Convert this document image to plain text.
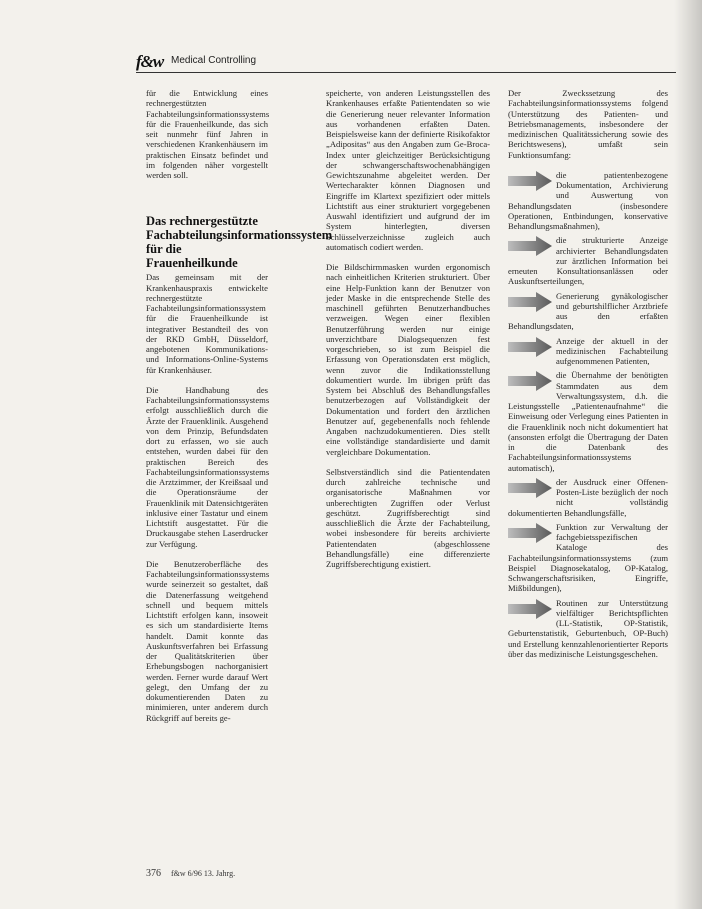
f&w Medical Controlling

für die Entwicklung eines rechnergestützten Fachabteilungsinformationssystems für die Frauenheilkunde, das sich seit nunmehr fünf Jahren in verschiedenen Krankenhäusern im praktischen Einsatz befindet und im folgenden näher vorgestellt werden soll.

Das rechnergestützte Fachabteilungsinformationssystem für die Frauenheilkunde

Das gemeinsam mit der Krankenhauspraxis entwickelte rechnergestützte Fachabteilungsinformationssystem für die Frauenheilkunde ist integrativer Bestandteil des von der RKD GmbH, Düsseldorf, angebotenen Kommunikations- und Informations-Online-Systems für Krankenhäuser.

Die Handhabung des Fachabteilungsinformationssystems erfolgt ausschließlich durch die Ärzte der Frauenklinik. Ausgehend von dem Prinzip, Befundsdaten dort zu erfassen, wo sie auch entstehen, wurden dabei für den praktischen Bereich des Fachabteilungsinformationssystems die Arztzimmer, der Kreißsaal und die Operationsräume der Frauenklinik mit Datensichtgeräten inklusive einer Tastatur und einem Lichtstift ausgestattet. Für die Druckausgabe stehen Laserdrucker zur Verfügung.

Die Benutzeroberfläche des Fachabteilungsinformationssystems wurde seinerzeit so gestaltet, daß die Datenerfassung weitgehend schnell und bequem mittels Lichtstift erfolgen kann, insoweit es sich um standardisierte Items handelt. Damit konnte das Auskunftsverfahren bei Erfassung der Qualitätskriterien über Erhebungsbogen nachorganisiert werden. Ferner wurde darauf Wert gelegt, den Umfang der zu dokumentierenden Daten zu minimieren, unter anderem durch Rückgriff auf bereits ge-

speicherte, von anderen Leistungsstellen des Krankenhauses erfaßte Patientendaten so wie die Generierung neuer relevanter Information aus vorhandenen erfaßten Daten. Beispielsweise kann der definierte Risikofaktor „Adipositas“ aus den Angaben zum Ge-Broca-Index unter gleichzeitiger Berücksichtigung der schwangerschaftswochenabhängigen Gewichtszunahme abgeleitet werden. Der Wertecharakter können Diagnosen und Eingriffe im Klartext spezifiziert oder mittels Lichtstift aus einer strukturiert vorgegebenen Auswahl identifiziert und aufgrund der im System hinterlegten, diversen Schlüsselverzeichnisse zugleich auch automatisch codiert werden.

Die Bildschirmmasken wurden ergonomisch nach einheitlichen Kriterien strukturiert. Über eine Help-Funktion kann der Benutzer von jeder Maske in die entsprechende Stelle des maschinell geführten Benutzerhandbuches verzweigen. Wegen einer flexiblen Benutzerführung werden nur einige unverzichtbare Dialogsequenzen fest vorgeschrieben, so ist zum Beispiel die Erfassung von Operationsdaten erst möglich, wenn zuvor die Indikationsstellung dokumentiert wurde. Im übrigen prüft das System bei Abschluß des Behandlungsfalles benutzerbezogen auf Vollständigkeit der Dokumentation und fordert den ärztlichen Benutzer auf, gegebenenfalls noch fehlende Angaben nachzudokumentieren. Dies stellt eine vollständige standardisierte und damit vergleichbare Dokumentation.

Selbstverständlich sind die Patientendaten durch zahlreiche technische und organisatorische Maßnahmen vor unberechtigten Zugriffen oder Verlust geschützt. Zugriffsberechtigt sind ausschließlich die Ärzte der Fachabteilung, wobei insbesondere für bereits archivierte Patientendaten (abgeschlossene Behandlungsfälle) eine differenzierte Zugriffsberechtigung existiert.

Der Zweckssetzung des Fachabteilungsinformationssystems folgend (Unterstützung des Patienten- und Betriebsmanagements, insbesondere der medizinischen Qualitätssicherung sowie des Berichtswesens), umfaßt sein Funktionsumfang:

die patientenbezogene Dokumentation, Archivierung und Auswertung von Behandlungsdaten (insbesondere Operationen, Entbindungen, konservative Behandlungsmaßnahmen),
die strukturierte Anzeige archivierter Behandlungsdaten zur ärztlichen Information bei erneuten Konsultationsanlässen oder Auskunftserteilungen,
Generierung gynäkologischer und geburtshilflicher Arztbriefe aus den erfaßten Behandlungsdaten,
Anzeige der aktuell in der medizinischen Fachabteilung aufgenommenen Patienten,
die Übernahme der benötigten Stammdaten aus dem Verwaltungssystem, d.h. die Leistungsstelle „Patientenaufnahme“ die Einweisung oder Verlegung eines Patienten in die Frauenklinik noch nicht dokumentiert hat (ansonsten erfolgt die Übertragung der Daten in die Datenbank des Fachabteilungsinformationssystems automatisch),
der Ausdruck einer Offenen-Posten-Liste bezüglich der noch nicht vollständig dokumentierten Behandlungsfälle,
Funktion zur Verwaltung der fachgebietsspezifischen Kataloge des Fachabteilungsinformationssystems (zum Beispiel Diagnosekatalog, OP-Katalog, Schwangerschaftsrisiken, Eingriffe, Mißbildungen),
Routinen zur Unterstützung vielfältiger Berichtspflichten (LL-Statistik, OP-Statistik, Geburtenstatistik, Geburtenbuch, OP-Buch) und Erstellung kennzahlenorientierter Reports über das medizinische Leistungsgeschehen.
376 f&w 6/96 13. Jahrg.
